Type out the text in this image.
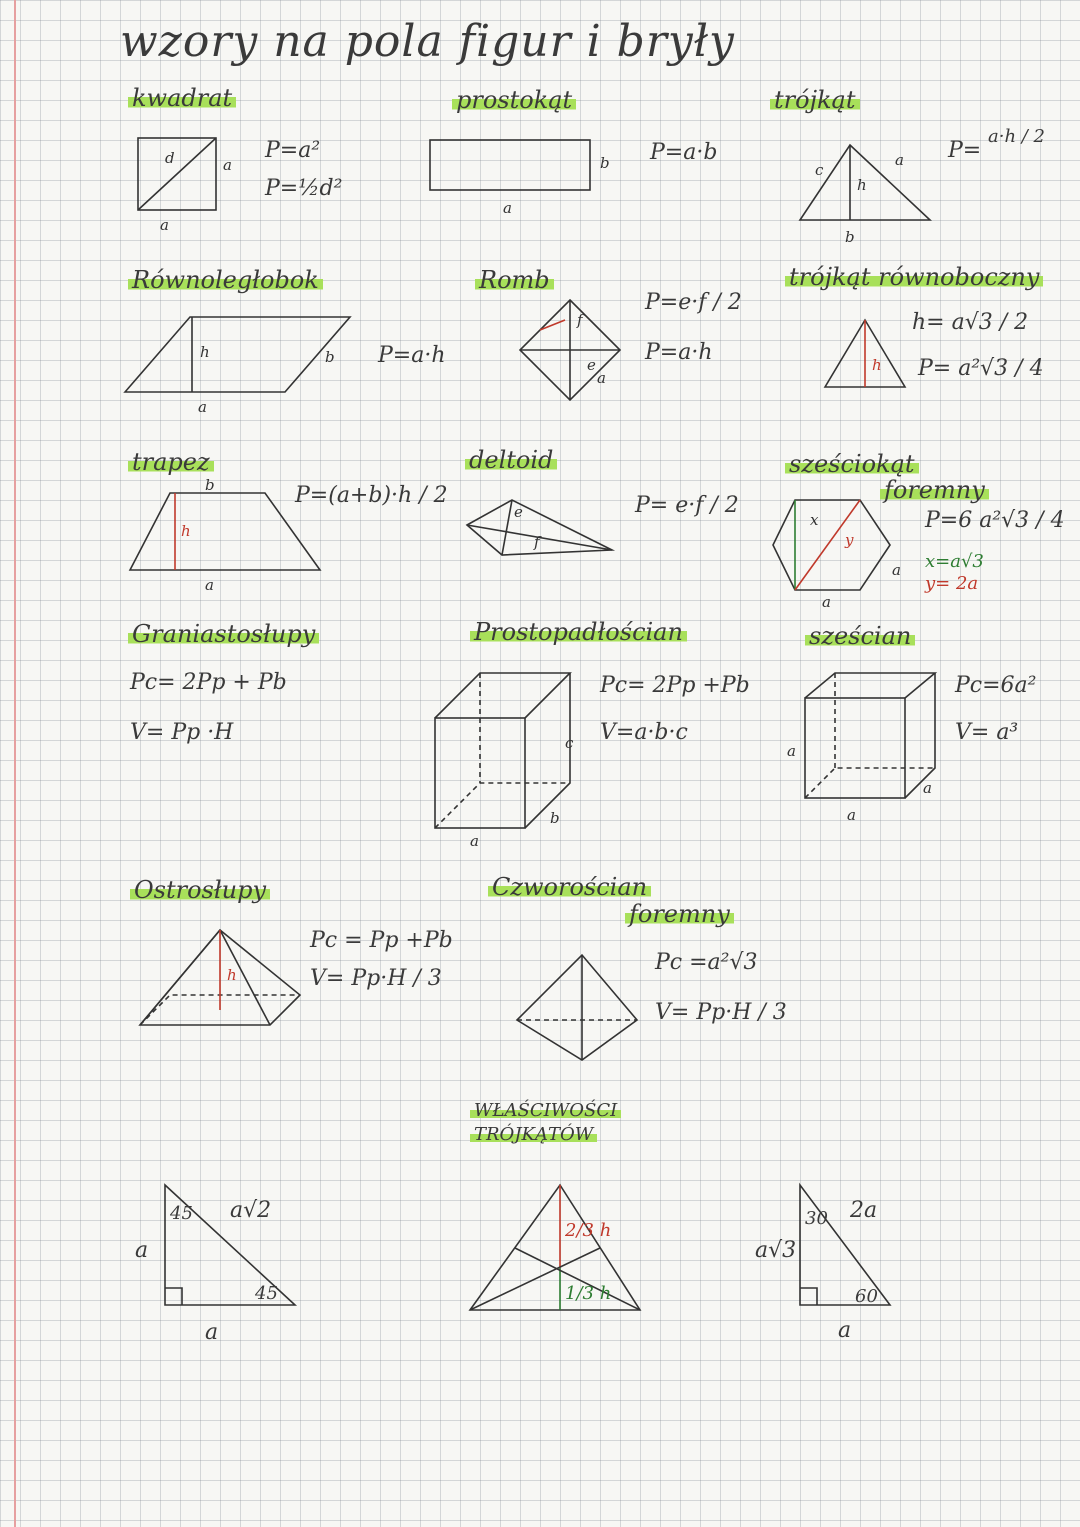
wzory na pola figur i bryły
kwadrat
d	a
a
P=a²
P=½d²
prostokąt
b
a
P=a·b
trójkąt
c
h
a
b
P=
a·h / 2
Równoległobok
h	b
a
P=a·h
Romb
f
e
a
P=e·f / 2
P=a·h
trójkąt równoboczny
h
h= a√3 / 2
P= a²√3 / 4
trapez
b
h
a
P=(a+b)·h / 2
deltoid
e
f
P= e·f / 2
sześciokąt
foremny
x
y
a
a
P=6 a²√3 / 4
x=a√3
y= 2a
Graniastosłupy
Pc= 2Pp + Pb
V= Pp ·H
Prostopadłościan
a
b
c
Pc= 2Pp +Pb
V=a·b·c
sześcian
a
a
a
Pc=6a²
V= a³
Ostrosłupy
h
Pc = Pp +Pb
V= Pp·H / 3
Czworościan
foremny
Pc =a²√3
V= Pp·H / 3
WŁAŚCIWOŚCI
TRÓJKĄTÓW
45
45
a√2
a
a
2/3 h
1/3 h
30
60
a√3
2a
a
